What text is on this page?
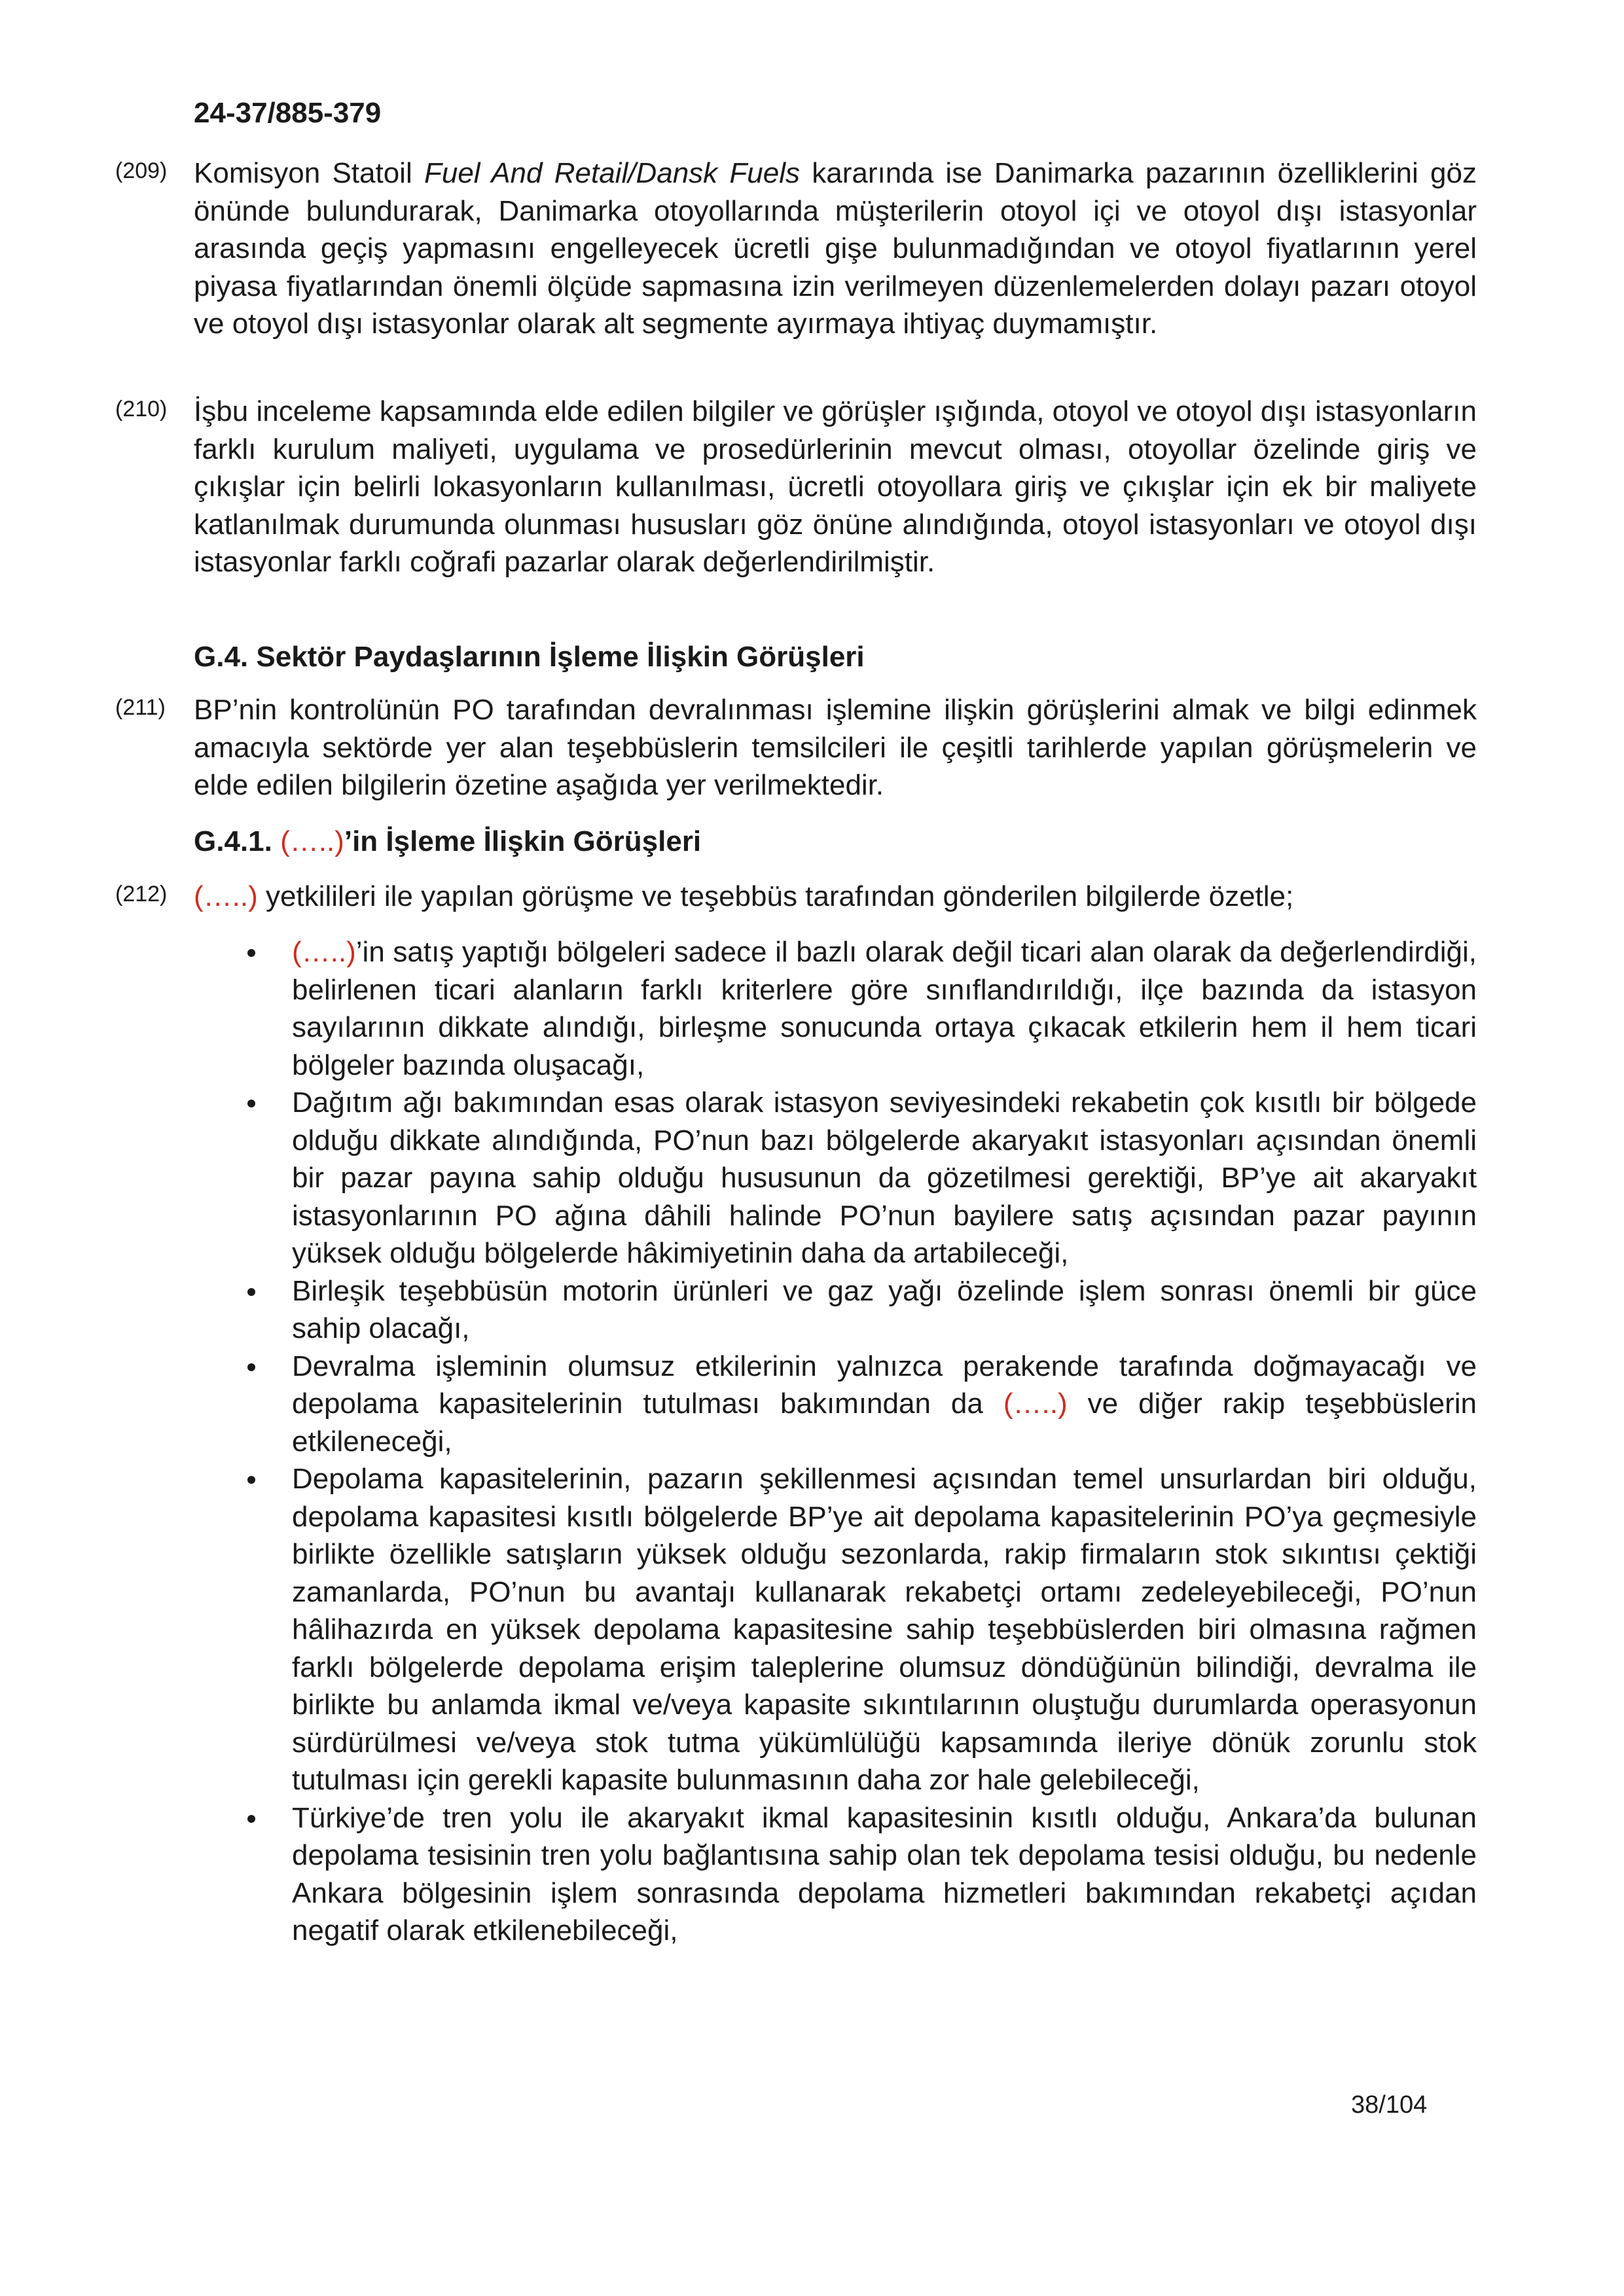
24-37/885-379
(209) Komisyon Statoil Fuel And Retail/Dansk Fuels kararında ise Danimarka pazarının özelliklerini göz önünde bulundurarak, Danimarka otoyollarında müşterilerin otoyol içi ve otoyol dışı istasyonlar arasında geçiş yapmasını engelleyecek ücretli gişe bulunmadığından ve otoyol fiyatlarının yerel piyasa fiyatlarından önemli ölçüde sapmasına izin verilmeyen düzenlemelerden dolayı pazarı otoyol ve otoyol dışı istasyonlar olarak alt segmente ayırmaya ihtiyaç duymamıştır.
(210) İşbu inceleme kapsamında elde edilen bilgiler ve görüşler ışığında, otoyol ve otoyol dışı istasyonların farklı kurulum maliyeti, uygulama ve prosedürlerinin mevcut olması, otoyollar özelinde giriş ve çıkışlar için belirli lokasyonların kullanılması, ücretli otoyollara giriş ve çıkışlar için ek bir maliyete katlanılmak durumunda olunması hususları göz önüne alındığında, otoyol istasyonları ve otoyol dışı istasyonlar farklı coğrafi pazarlar olarak değerlendirilmiştir.
G.4. Sektör Paydaşlarının İşleme İlişkin Görüşleri
(211) BP’nin kontrolünün PO tarafından devralınması işlemine ilişkin görüşlerini almak ve bilgi edinmek amacıyla sektörde yer alan teşebbüslerin temsilcileri ile çeşitli tarihlerde yapılan görüşmelerin ve elde edilen bilgilerin özetine aşağıda yer verilmektedir.
G.4.1. (…..)’in İşleme İlişkin Görüşleri
(212) (…..) yetkilileri ile yapılan görüşme ve teşebbüs tarafından gönderilen bilgilerde özetle;
(…..)’in satış yaptığı bölgeleri sadece il bazlı olarak değil ticari alan olarak da değerlendirdiği, belirlenen ticari alanların farklı kriterlere göre sınıflandırıldığı, ilçe bazında da istasyon sayılarının dikkate alındığı, birleşme sonucunda ortaya çıkacak etkilerin hem il hem ticari bölgeler bazında oluşacağı,
Dağıtım ağı bakımından esas olarak istasyon seviyesindeki rekabetin çok kısıtlı bir bölgede olduğu dikkate alındığında, PO’nun bazı bölgelerde akaryakıt istasyonları açısından önemli bir pazar payına sahip olduğu hususunun da gözetilmesi gerektiği, BP’ye ait akaryakıt istasyonlarının PO ağına dâhili halinde PO’nun bayilere satış açısından pazar payının yüksek olduğu bölgelerde hâkimiyetinin daha da artabileceği,
Birleşik teşebbüsün motorin ürünleri ve gaz yağı özelinde işlem sonrası önemli bir güce sahip olacağı,
Devralma işleminin olumsuz etkilerinin yalnızca perakende tarafında doğmayacağı ve depolama kapasitelerinin tutulması bakımından da (…..) ve diğer rakip teşebbüslerin etkileneceği,
Depolama kapasitelerinin, pazarın şekillenmesi açısından temel unsurlardan biri olduğu, depolama kapasitesi kısıtlı bölgelerde BP’ye ait depolama kapasitelerinin PO’ya geçmesiyle birlikte özellikle satışların yüksek olduğu sezonlarda, rakip firmaların stok sıkıntısı çektiği zamanlarda, PO’nun bu avantajı kullanarak rekabetçi ortamı zedeleyebileceği, PO’nun hâlihazırda en yüksek depolama kapasitesine sahip teşebbüslerden biri olmasına rağmen farklı bölgelerde depolama erişim taleplerine olumsuz döndüğünün bilindiği, devralma ile birlikte bu anlamda ikmal ve/veya kapasite sıkıntılarının oluştuğu durumlarda operasyonun sürdürülmesi ve/veya stok tutma yükümlülüğü kapsamında ileriye dönük zorunlu stok tutulması için gerekli kapasite bulunmasının daha zor hale gelebileceği,
Türkiye’de tren yolu ile akaryakıt ikmal kapasitesinin kısıtlı olduğu, Ankara’da bulunan depolama tesisinin tren yolu bağlantısına sahip olan tek depolama tesisi olduğu, bu nedenle Ankara bölgesinin işlem sonrasında depolama hizmetleri bakımından rekabetçi açıdan negatif olarak etkilenebileceği,
38/104
